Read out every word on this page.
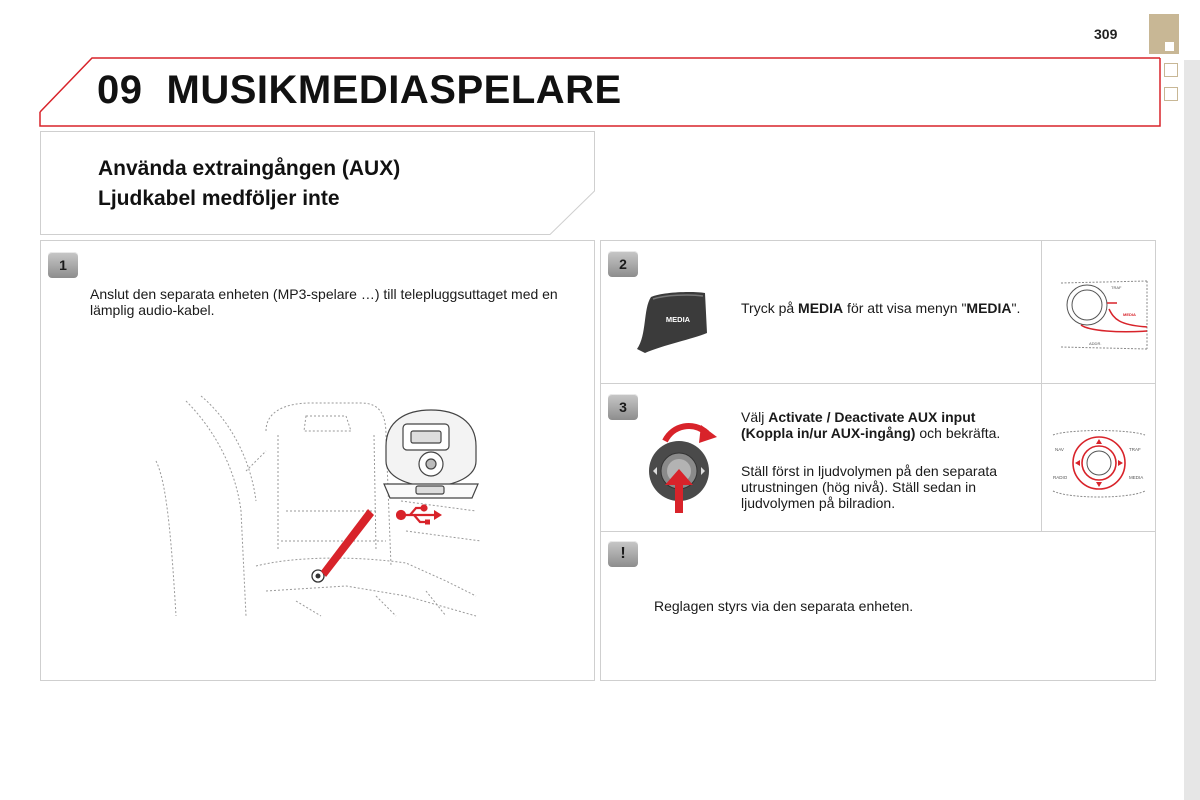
309
09 MUSIKMEDIASPELARE
Använda extraingången (AUX)
Ljudkabel medföljer inte
1
Anslut den separata enheten (MP3-spelare …) till telepluggsuttaget med en lämplig audio-kabel.
2
MEDIA
Tryck på MEDIA för att visa menyn "MEDIA".
TRAF
MEDIA
ADDR.
3
Välj Activate / Deactivate AUX input (Koppla in/ur AUX-ingång) och bekräfta.
Ställ först in ljudvolymen på den separata utrustningen (hög nivå). Ställ sedan in ljudvolymen på bilradion.
NAV	TRAF
RADIO	MEDIA
!
Reglagen styrs via den separata enheten.
